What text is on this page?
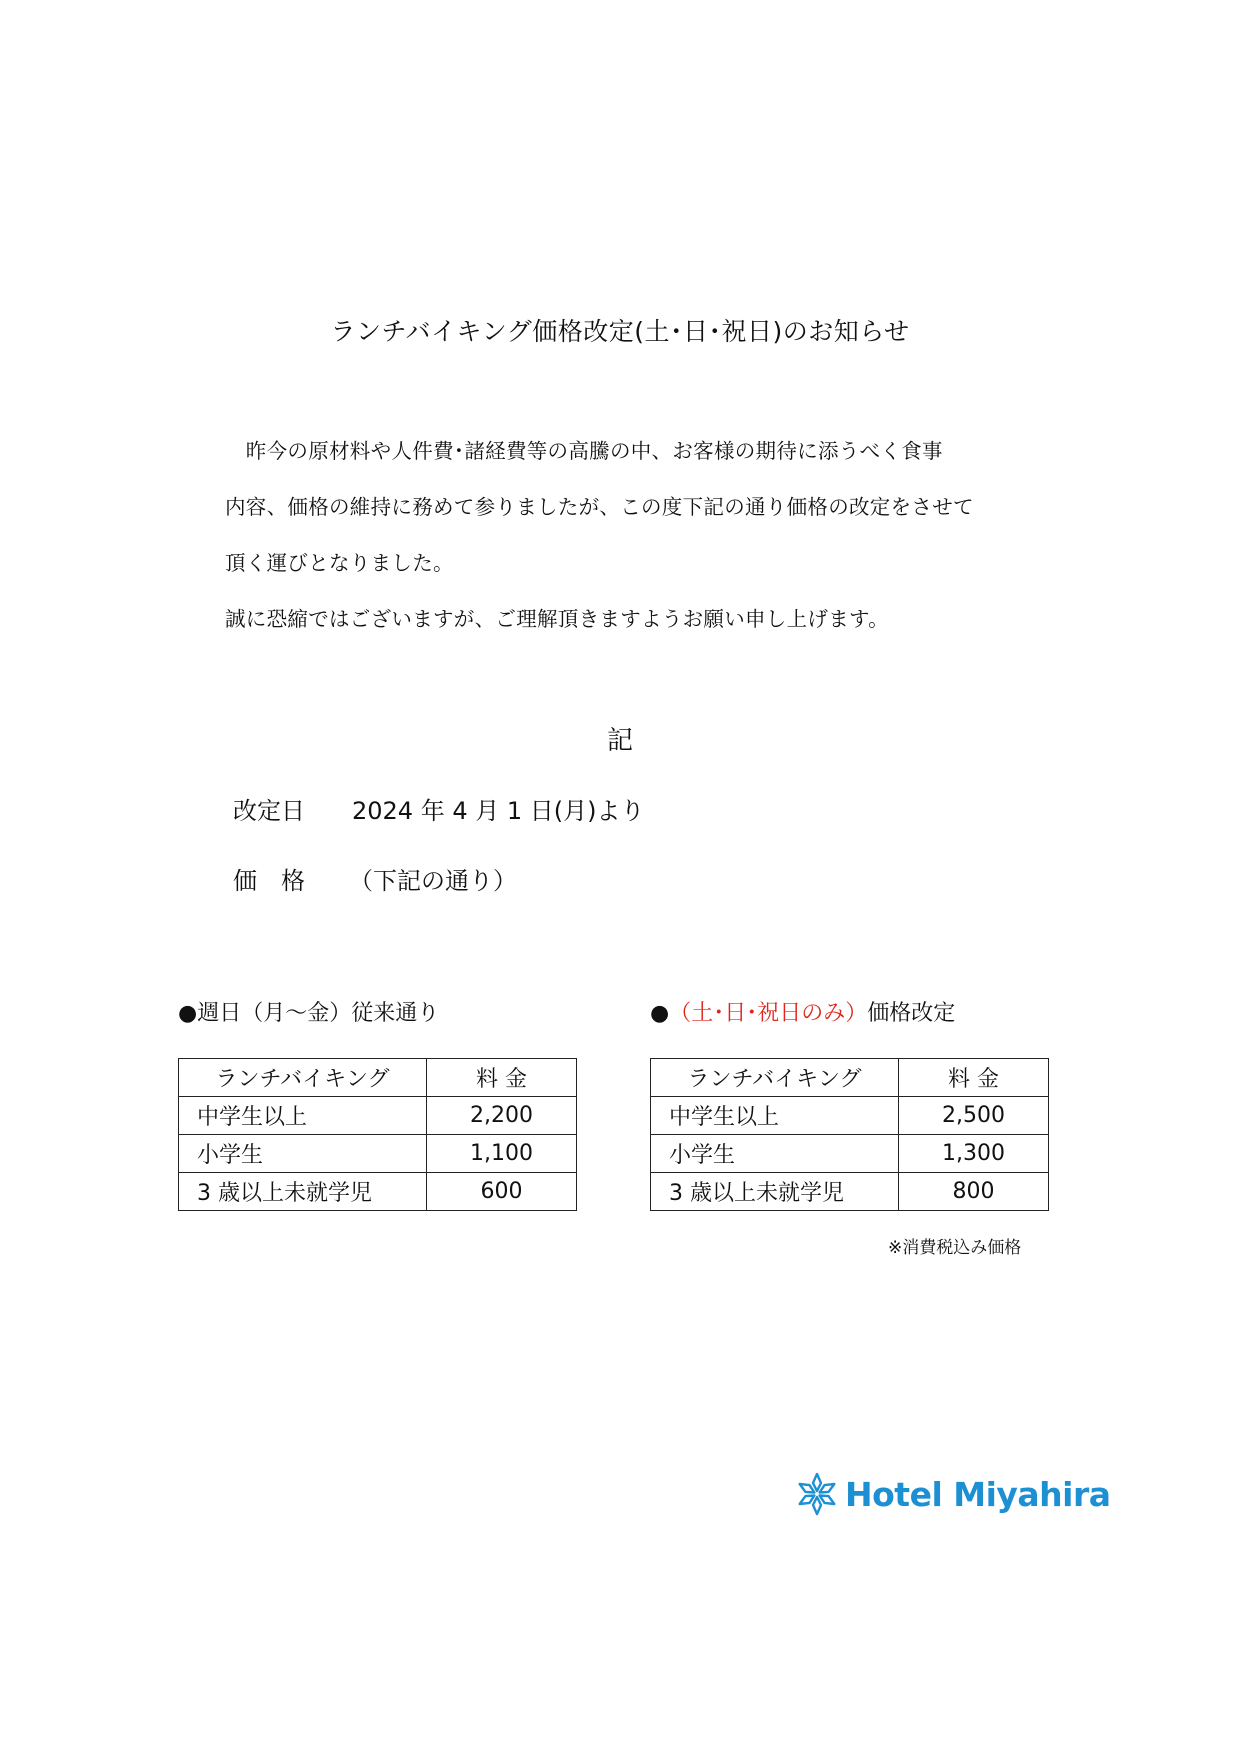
ランチバイキング価格改定(土･日･祝日)のお知らせ
　昨今の原材料や人件費･諸経費等の高騰の中、お客様の期待に添うべく食事
内容、価格の維持に務めて参りましたが、この度下記の通り価格の改定をさせて
頂く運びとなりました。
誠に恐縮ではございますが、ご理解頂きますようお願い申し上げます。
記
改定日 2024 年 4 月 1 日(月)より
価　格 （下記の通り）
●週日（月～金）従来通り
ランチバイキング	料 金
中学生以上	2,200
小学生	1,100
3 歳以上未就学児	600
●（土･日･祝日のみ）価格改定
ランチバイキング	料 金
中学生以上	2,500
小学生	1,300
3 歳以上未就学児	800
※消費税込み価格
Hotel Miyahira
